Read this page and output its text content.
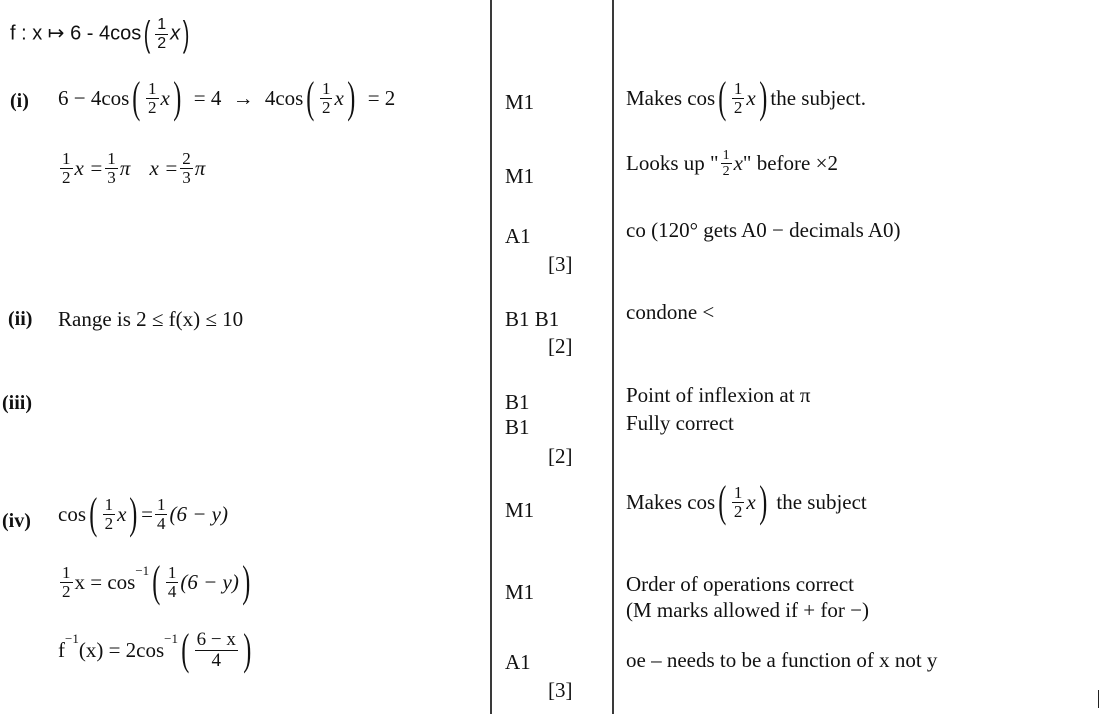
f : x ↦ $6 - 4\cos( \frac{1}{2} x)$
(i) $6 - 4\cos( \frac{1}{2} x) = 4 \to 4\cos( \frac{1}{2} x) = 2$
$\frac{1}{2}$ $x = \frac{1}{3}$ π $x = \frac{2}{3}$ π
M1
M1
A1
[3]
Makes $\cos( \frac{1}{2} x)$ the subject.
Looks up " $\frac{1}{2} x$" before ×2
co (120° gets A0 − decimals A0)
(ii) Range is 2 ≤ f(x) ≤ 10	B1 B1
[2]
condone <
(iii)	B1
B1
[2]
Point of inflexion at π
Fully correct
(iv) $\cos( \frac{1}{2} x) = \frac{1}{4} (6 - y)$
$\frac{1}{2}$ $x = \cos-1( \frac{1}{4} (6 - y))$
$f-1(x) = 2\cos-1( \frac{6 - x}{4}$ )
M1
M1
A1
[3]
Makes $\cos( \frac{1}{2} x)$ the subject
Order of operations correct
(M marks allowed if + for −)
oe – needs to be a function of x not y
